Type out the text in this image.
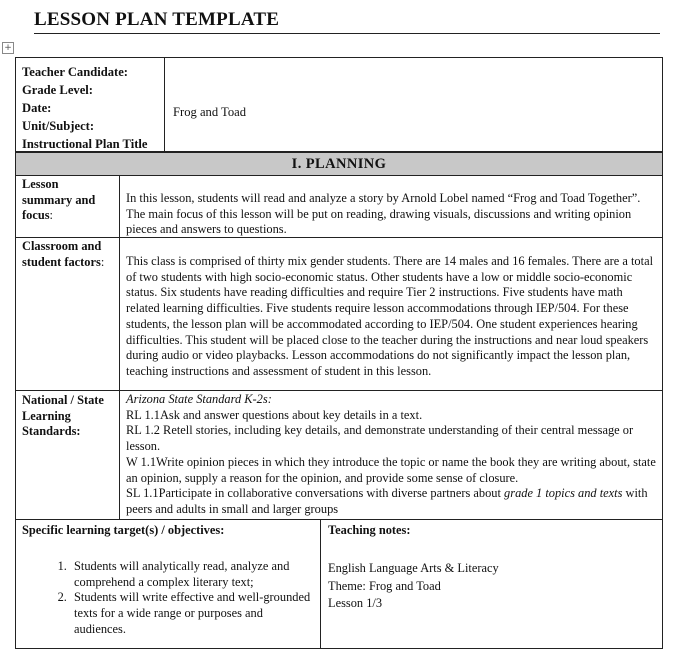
LESSON PLAN TEMPLATE
+
Teacher Candidate:
Grade Level:
Date:
Unit/Subject:
Instructional Plan Title
Frog and Toad
I. PLANNING
Lesson
summary and
focus:
In this lesson, students will read and analyze a story by Arnold Lobel named “Frog and Toad Together”. The main focus of this lesson will be put on reading, drawing visuals, discussions and writing opinion pieces and answers to questions.
Classroom and
student factors:	This class is comprised of thirty mix gender students. There are 14 males and 16 females. There are a total of two students with high socio-economic status. Other students have a low or middle socio-economic status. Six students have reading difficulties and require Tier 2 instructions. Five students have math related learning difficulties. Five students require lesson accommodations through IEP/504. For these students, the lesson plan will be accommodated according to IEP/504. One student experiences hearing difficulties. This student will be placed close to the teacher during the instructions and near loud speakers during audio or video playbacks. Lesson accommodations do not significantly impact the lesson plan, teaching instructions and assessment of student in this lesson.
National / State
Learning
Standards:
Arizona State Standard K-2s:
RL 1.1Ask and answer questions about key details in a text.
RL 1.2 Retell stories, including key details, and demonstrate understanding of their central message or lesson.
W 1.1Write opinion pieces in which they introduce the topic or name the book they are writing about, state an opinion, supply a reason for the opinion, and provide some sense of closure.
SL 1.1Participate in collaborative conversations with diverse partners about grade 1 topics and texts with peers and adults in small and larger groups
Specific learning target(s) / objectives:
1. Students will analytically read, analyze and comprehend a complex literary text;
2. Students will write effective and well-grounded texts for a wide range or purposes and audiences.
Teaching notes:
English Language Arts & Literacy
Theme: Frog and Toad
Lesson 1/3
